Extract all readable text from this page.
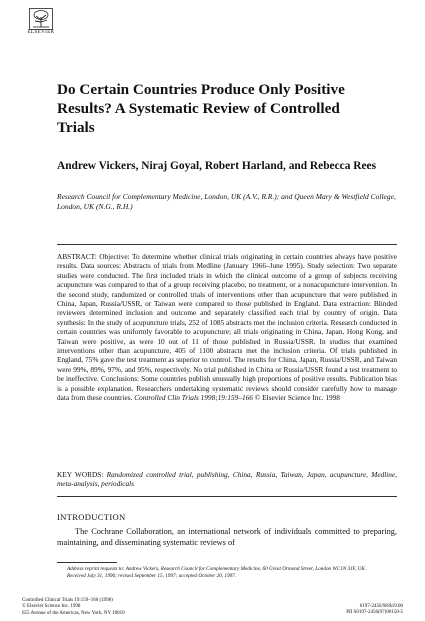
ELSEVIER
Do Certain Countries Produce Only Positive Results? A Systematic Review of Controlled Trials
Andrew Vickers, Niraj Goyal, Robert Harland, and Rebecca Rees
Research Council for Complementary Medicine, London, UK (A.V., R.R.); and Queen Mary & Westfield College, London, UK (N.G., R.H.)
ABSTRACT: Objective: To determine whether clinical trials originating in certain countries always have positive results. Data sources: Abstracts of trials from Medline (January 1966–June 1995). Study selection: Two separate studies were conducted. The first included trials in which the clinical outcome of a group of subjects receiving acupuncture was compared to that of a group receiving placebo, no treatment, or a nonacupuncture intervention. In the second study, randomized or controlled trials of interventions other than acupuncture that were published in China, Japan, Russia/USSR, or Taiwan were compared to those published in England. Data extraction: Blinded reviewers determined inclusion and outcome and separately classified each trial by country of origin. Data synthesis: In the study of acupuncture trials, 252 of 1085 abstracts met the inclusion criteria. Research conducted in certain countries was uniformly favorable to acupuncture; all trials originating in China, Japan, Hong Kong, and Taiwan were positive, as were 10 out of 11 of those published in Russia/USSR. In studies that examined interventions other than acupuncture, 405 of 1100 abstracts met the inclusion criteria. Of trials published in England, 75% gave the test treatment as superior to control. The results for China, Japan, Russia/USSR, and Taiwan were 99%, 89%, 97%, and 95%, respectively. No trial published in China or Russia/USSR found a test treatment to be ineffective. Conclusions: Some countries publish unusually high proportions of positive results. Publication bias is a possible explanation. Researchers undertaking systematic reviews should consider carefully how to manage data from these countries. Controlled Clin Trials 1998;19:159–166 © Elsevier Science Inc. 1998
KEY WORDS: Randomized controlled trial, publishing, China, Russia, Taiwan, Japan, acupuncture, Medline, meta-analysis, periodicals
INTRODUCTION
The Cochrane Collaboration, an international network of individuals committed to preparing, maintaining, and disseminating systematic reviews of
Address reprint requests to: Andrew Vickers, Research Council for Complementary Medicine, 60 Great Ormond Street, London WC1N 3JF, UK.
Received July 31, 1996; revised September 15, 1997; accepted October 20, 1997.
Controlled Clinical Trials 19:159–166 (1998)
© Elsevier Science Inc. 1998
655 Avenue of the Americas, New York, NY 10010
0197-2456/98/$19.00
PII S0197-2456(97)00150-5
